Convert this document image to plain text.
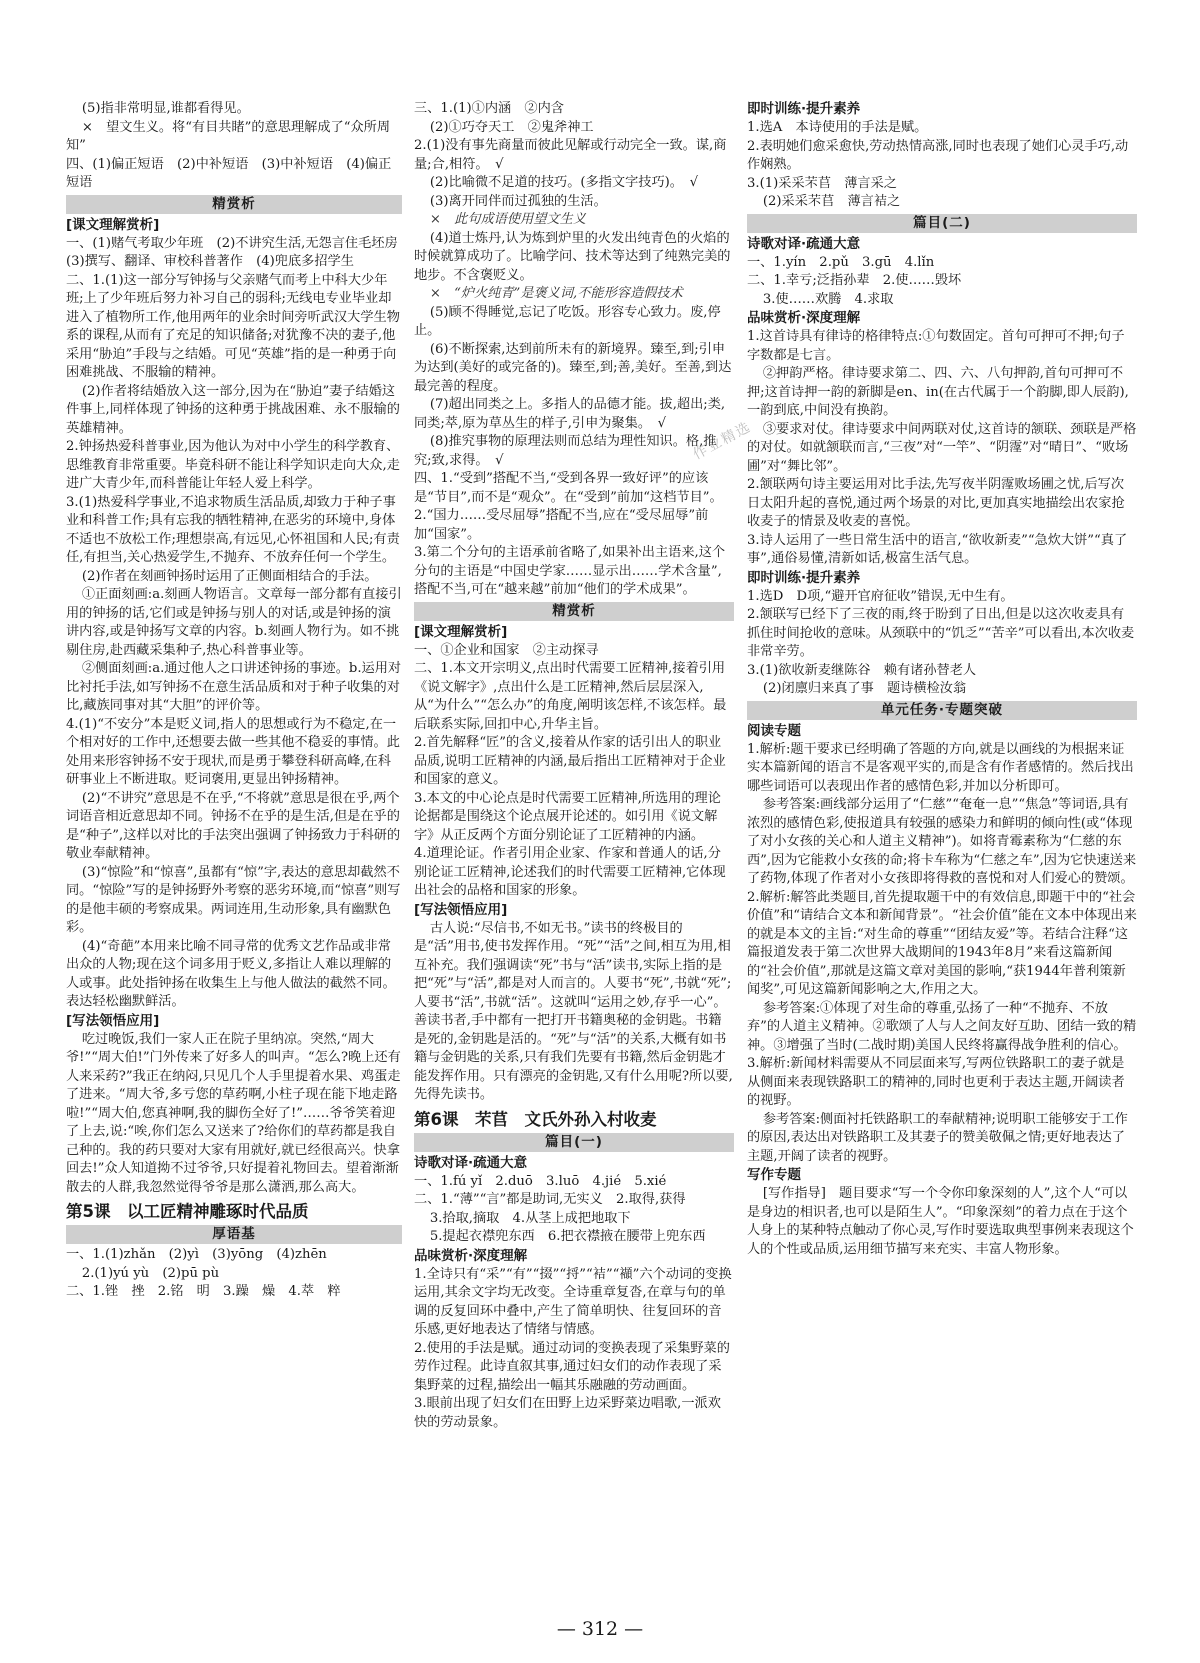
(5)指非常明显,谁都看得见。

×　望文生义。将“有目共睹”的意思理解成了“众所周知”

四、(1)偏正短语　(2)中补短语　(3)中补短语　(4)偏正短语

精赏析
[课文理解赏析]

一、(1)赌气考取少年班　(2)不讲究生活,无怨言住毛坯房　(3)撰写、翻译、审校科普著作　(4)兜底多招学生

二、1.(1)这一部分写钟扬与父亲赌气而考上中科大少年班;上了少年班后努力补习自己的弱科;无线电专业毕业却进入了植物所工作,他用两年的业余时间旁听武汉大学生物系的课程,从而有了充足的知识储备;对犹豫不决的妻子,他采用“胁迫”手段与之结婚。可见“英雄”指的是一种勇于向困难挑战、不服输的精神。

(2)作者将结婚放入这一部分,因为在“胁迫”妻子结婚这件事上,同样体现了钟扬的这种勇于挑战困难、永不服输的英雄精神。

2.钟扬热爱科普事业,因为他认为对中小学生的科学教育、思维教育非常重要。毕竟科研不能让科学知识走向大众,走进广大青少年,而科普能让年轻人爱上科学。

3.(1)热爱科学事业,不追求物质生活品质,却致力于种子事业和科普工作;具有忘我的牺牲精神,在恶劣的环境中,身体不适也不放松工作;理想崇高,有远见,心怀祖国和人民;有责任,有担当,关心热爱学生,不抛弃、不放弃任何一个学生。

(2)作者在刻画钟扬时运用了正侧面相结合的手法。

①正面刻画:a.刻画人物语言。文章每一部分都有直接引用的钟扬的话,它们或是钟扬与别人的对话,或是钟扬的演讲内容,或是钟扬写文章的内容。b.刻画人物行为。如不挑剔住房,赴西藏采集种子,热心科普事业等。

②侧面刻画:a.通过他人之口讲述钟扬的事迹。b.运用对比衬托手法,如写钟扬不在意生活品质和对于种子收集的对比,藏族同事对其“大胆”的评价等。

4.(1)“不安分”本是贬义词,指人的思想或行为不稳定,在一个相对好的工作中,还想要去做一些其他不稳妥的事情。此处用来形容钟扬不安于现状,而是勇于攀登科研高峰,在科研事业上不断进取。贬词褒用,更显出钟扬精神。

(2)“不讲究”意思是不在乎,“不将就”意思是很在乎,两个词语音相近意思却不同。钟扬不在乎的是生活,但是在乎的是“种子”,这样以对比的手法突出强调了钟扬致力于科研的敬业奉献精神。

(3)“惊险”和“惊喜”,虽都有“惊”字,表达的意思却截然不同。“惊险”写的是钟扬野外考察的恶劣环境,而“惊喜”则写的是他丰硕的考察成果。两词连用,生动形象,具有幽默色彩。

(4)“奇葩”本用来比喻不同寻常的优秀文艺作品或非常出众的人物;现在这个词多用于贬义,多指让人难以理解的人或事。此处指钟扬在收集生上与他人做法的截然不同。表达轻松幽默鲜活。

[写法领悟应用]

吃过晚饭,我们一家人正在院子里纳凉。突然,“周大爷!”“周大伯!”门外传来了好多人的叫声。“怎么?晚上还有人来采药?”我正在纳闷,只见几个人手里提着水果、鸡蛋走了进来。“周大爷,多亏您的草药啊,小柱子现在能下地走路啦!”“周大伯,您真神啊,我的脚伤全好了!”……爷爷笑着迎了上去,说:“唉,你们怎么又送来了?给你们的草药都是我自己种的。我的药只要对大家有用就好,就已经很高兴。快拿回去!”众人知道拗不过爷爷,只好提着礼物回去。望着渐渐散去的人群,我忽然觉得爷爷是那么潇洒,那么高大。

第5课　以工匠精神雕琢时代品质
厚语基

一、1.(1)zhǎn　(2)yì　(3)yōng　(4)zhēn

2.(1)yú yù　(2)pū pù

二、1.锉　挫　2.铭　明　3.躁　燥　4.萃　粹

三、1.(1)①内涵　②内含

(2)①巧夺天工　②鬼斧神工

2.(1)没有事先商量而彼此见解或行动完全一致。谋,商量;合,相符。　√

(2)比喻微不足道的技巧。(多指文字技巧)。　√

(3)离开同伴而过孤独的生活。

×　此句成语使用望文生义

(4)道士炼丹,认为炼到炉里的火发出纯青色的火焰的时候就算成功了。比喻学问、技术等达到了纯熟完美的地步。不含褒贬义。

×　“炉火纯青”是褒义词,不能形容造假技术

(5)顾不得睡觉,忘记了吃饭。形容专心致力。废,停止。

(6)不断探索,达到前所未有的新境界。臻至,到;引申为达到(美好的或完备的)。臻至,到;善,美好。至善,到达最完善的程度。

(7)超出同类之上。多指人的品德才能。拔,超出;类,同类;萃,原为草丛生的样子,引申为聚集。　√

(8)推究事物的原理法则而总结为理性知识。格,推究;致,求得。　√

四、1.“受到”搭配不当,“受到各界一致好评”的应该是“节目”,而不是“观众”。在“受到”前加“这档节目”。

2.“国力……受尽屈辱”搭配不当,应在“受尽屈辱”前加“国家”。

3.第二个分句的主语承前省略了,如果补出主语来,这个分句的主语是“中国史学家……显示出……学术含量”,搭配不当,可在“越来越”前加“他们的学术成果”。

精赏析
[课文理解赏析]

一、①企业和国家　②主动探寻

二、1.本文开宗明义,点出时代需要工匠精神,接着引用《说文解字》,点出什么是工匠精神,然后层层深入,从“为什么”“怎么办”的角度,阐明该怎样,不该怎样。最后联系实际,回扣中心,升华主旨。

2.首先解释“匠”的含义,接着从作家的话引出人的职业品质,说明工匠精神的内涵,最后指出工匠精神对于企业和国家的意义。

3.本文的中心论点是时代需要工匠精神,所选用的理论论据都是围绕这个论点展开论述的。如引用《说文解字》从正反两个方面分别论证了工匠精神的内涵。

4.道理论证。作者引用企业家、作家和普通人的话,分别论证工匠精神,论述我们的时代需要工匠精神,它体现出社会的品格和国家的形象。

[写法领悟应用]

古人说:“尽信书,不如无书。”读书的终极目的是“活”用书,使书发挥作用。“死”“活”之间,相互为用,相互补充。我们强调读“死”书与“活”读书,实际上指的是把“死”与“活”,都是对人而言的。人要书“死”,书就“死”;人要书“活”,书就“活”。这就叫“运用之妙,存乎一心”。善读书者,手中都有一把打开书籍奥秘的金钥匙。书籍是死的,金钥匙是活的。“死”与“活”的关系,大概有如书籍与金钥匙的关系,只有我们先要有书籍,然后金钥匙才能发挥作用。只有漂亮的金钥匙,又有什么用呢?所以要,先得先读书。

第6课　芣苢　文氏外孙入村收麦
篇目(一)
诗歌对译·疏通大意

一、1.fú yǐ　2.duō　3.luō　4.jié　5.xié

二、1.“薄”“言”都是助词,无实义　2.取得,获得

3.拾取,摘取　4.从茎上成把地取下

5.提起衣襟兜东西　6.把衣襟掖在腰带上兜东西

品味赏析·深度理解

1.全诗只有“采”“有”“掇”“捋”“袺”“襭”六个动词的变换运用,其余文字均无改变。全诗重章复沓,在章与句的单调的反复回环中叠中,产生了简单明快、往复回环的音乐感,更好地表达了情绪与情感。

2.使用的手法是赋。通过动词的变换表现了采集野菜的劳作过程。此诗直叙其事,通过妇女们的动作表现了采集野菜的过程,描绘出一幅其乐融融的劳动画面。

3.眼前出现了妇女们在田野上边采野菜边唱歌,一派欢快的劳动景象。

即时训练·提升素养

1.选A　本诗使用的手法是赋。

2.表明她们愈采愈快,劳动热情高涨,同时也表现了她们心灵手巧,动作娴熟。

3.(1)采采芣苢　薄言采之

(2)采采芣苢　薄言袺之

篇目(二)
诗歌对译·疏通大意

一、1.yín　2.pǔ　3.gū　4.lǐn

二、1.幸亏;泛指孙辈　2.使……毁坏

3.使……欢腾　4.求取

品味赏析·深度理解

1.这首诗具有律诗的格律特点:①句数固定。首句可押可不押;句子字数都是七言。

②押韵严格。律诗要求第二、四、六、八句押韵,首句可押可不押;这首诗押一韵的新脚是en、in(在古代属于一个韵脚,即人辰韵),一韵到底,中间没有换韵。

③要求对仗。律诗要求中间两联对仗,这首诗的颔联、颈联是严格的对仗。如就颔联而言,“三夜”对“一竿”、“阴霪”对“晴日”、“败场圃”对“舞比邻”。

2.颔联两句诗主要运用对比手法,先写夜半阴霪败场圃之忧,后写次日太阳升起的喜悦,通过两个场景的对比,更加真实地描绘出农家抢收麦子的情景及收麦的喜悦。

3.诗人运用了一些日常生活中的语言,“欲收新麦”“急炊大饼”“真了事”,通俗易懂,清新如话,极富生活气息。

即时训练·提升素养

1.选D　D项,“避开官府征收”错误,无中生有。

2.颔联写已经下了三夜的雨,终于盼到了日出,但是以这次收麦具有抓住时间抢收的意味。从颈联中的“饥乏”“苦辛”可以看出,本次收麦非常辛劳。

3.(1)欲收新麦继陈谷　赖有诸孙替老人

(2)闭廪归来真了事　题诗横检汝翁

单元任务·专题突破
阅读专题

1.解析:题干要求已经明确了答题的方向,就是以画线的为根据来证实本篇新闻的语言不是客观平实的,而是含有作者感情的。然后找出哪些词语可以表现出作者的感情色彩,并加以分析即可。

参考答案:画线部分运用了“仁慈”“奄奄一息”“焦急”等词语,具有浓烈的感情色彩,使报道具有较强的感染力和鲜明的倾向性(或“体现了对小女孩的关心和人道主义精神”)。如将青霉素称为“仁慈的东西”,因为它能救小女孩的命;将卡车称为“仁慈之车”,因为它快速送来了药物,体现了作者对小女孩即将得救的喜悦和对人们爱心的赞颂。

2.解析:解答此类题目,首先提取题干中的有效信息,即题干中的“社会价值”和“请结合文本和新闻背景”。“社会价值”能在文本中体现出来的就是本文的主旨:“对生命的尊重”“团结友爱”等。若结合注释“这篇报道发表于第二次世界大战期间的1943年8月”来看这篇新闻的“社会价值”,那就是这篇文章对美国的影响,“获1944年普利策新闻奖”,可见这篇新闻影响之大,作用之大。

参考答案:①体现了对生命的尊重,弘扬了一种“不抛弃、不放弃”的人道主义精神。②歌颂了人与人之间友好互助、团结一致的精神。③增强了当时(二战时期)美国人民终将赢得战争胜利的信心。

3.解析:新闻材料需要从不同层面来写,写两位铁路职工的妻子就是从侧面来表现铁路职工的精神的,同时也更利于表达主题,开阔读者的视野。

参考答案:侧面衬托铁路职工的奉献精神;说明职工能够安于工作的原因,表达出对铁路职工及其妻子的赞美敬佩之情;更好地表达了主题,开阔了读者的视野。

写作专题

[写作指导]　题目要求“写一个令你印象深刻的人”,这个人“可以是身边的相识者,也可以是陌生人”。“印象深刻”的着力点在于这个人身上的某种特点触动了你心灵,写作时要选取典型事例来表现这个人的个性或品质,运用细节描写来充实、丰富人物形象。

作业精选
— 312 —
